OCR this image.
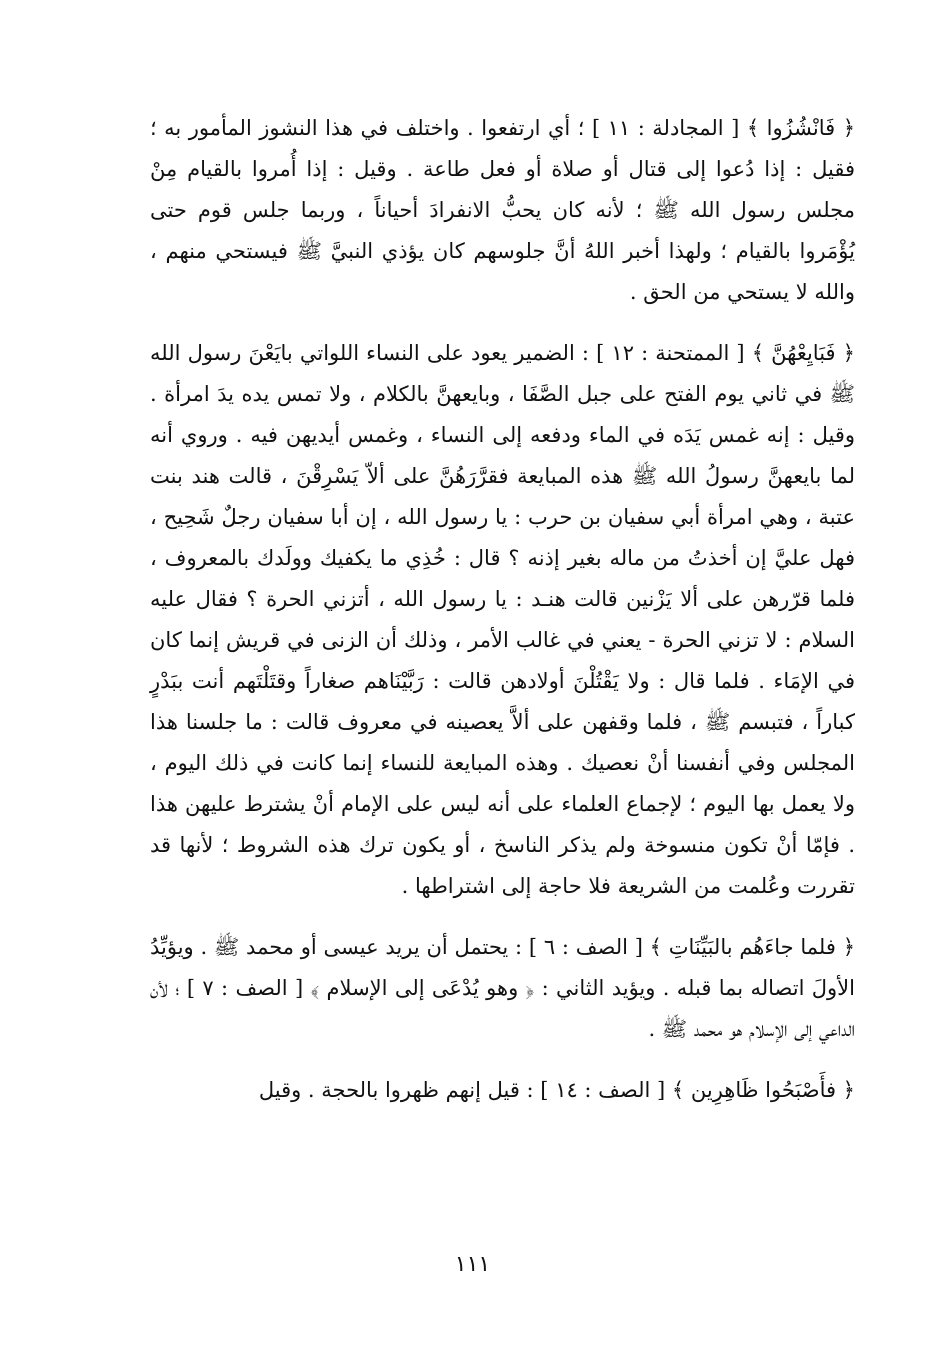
﴿ فَانْشُزُوا ﴾ [ المجادلة : ١١ ] ؛ أي ارتفعوا . واختلف في هذا النشوز المأمور به ؛ فقيل : إذا دُعوا إلى قتال أو صلاة أو فعل طاعة . وقيل : إذا أُمروا بالقيام مِنْ مجلس رسول الله ﷺ ؛ لأنه كان يحبُّ الانفرادَ أحياناً ، وربما جلس قوم حتى يُؤْمَروا بالقيام ؛ ولهذا أخبر اللهُ أنَّ جلوسهم كان يؤذي النبيَّ ﷺ فيستحي منهم ، والله لا يستحي من الحق .

﴿ فَبَايِعْهُنَّ ﴾ [ الممتحنة : ١٢ ] : الضمير يعود على النساء اللواتي بايَعْنَ رسول الله ﷺ في ثاني يوم الفتح على جبل الصَّفَا ، وبايعهنَّ بالكلام ، ولا تمس يده يدَ امرأة . وقيل : إنه غمس يَدَه في الماء ودفعه إلى النساء ، وغمس أيديهن فيه . وروي أنه لما بايعهنَّ رسولُ الله ﷺ هذه المبايعة فقرَّرَهُنَّ على ألاّ يَسْرِقْنَ ، قالت هند بنت عتبة ، وهي امرأة أبي سفيان بن حرب : يا رسول الله ، إن أبا سفيان رجلٌ شَحِيح ، فهل عليَّ إن أخذتُ من ماله بغير إذنه ؟ قال : خُذِي ما يكفيك وولَدك بالمعروف ، فلما قرّرهن على ألا يَزْنين قالت هنـد : يا رسول الله ، أتزني الحرة ؟ فقال عليه السلام : لا تزني الحرة - يعني في غالب الأمر ، وذلك أن الزنى في قريش إنما كان في الإمَاء . فلما قال : ولا يَقْتُلْنَ أولادهن قالت : رَبَّيْنَاهم صغاراً وقتَلْتَهم أنت ببَدْرٍ كباراً ، فتبسم ﷺ ، فلما وقفهن على ألاَّ يعصينه في معروف قالت : ما جلسنا هذا المجلس وفي أنفسنا أنْ نعصيك . وهذه المبايعة للنساء إنما كانت في ذلك اليوم ، ولا يعمل بها اليوم ؛ لإجماع العلماء على أنه ليس على الإمام أنْ يشترط عليهن هذا . فإمّا أنْ تكون منسوخة ولم يذكر الناسخ ، أو يكون ترك هذه الشروط ؛ لأنها قد تقررت وعُلمت من الشريعة فلا حاجة إلى اشتراطها .

﴿ فلما جاءَهُم بالبَيِّنَاتِ ﴾ [ الصف : ٦ ] : يحتمل أن يريد عيسى أو محمد ﷺ . ويؤيِّدُ الأولَ اتصاله بما قبله . ويؤيد الثاني : ﴿ وهو يُدْعَى إلى الإسلام ﴾ [ الصف : ٧ ] ؛ لأن الداعي إلى الإسلام هو محمد ﷺ .

﴿ فأَصْبَحُوا ظَاهِرِين ﴾ [ الصف : ١٤ ] : قيل إنهم ظهروا بالحجة . وقيل

١١١
